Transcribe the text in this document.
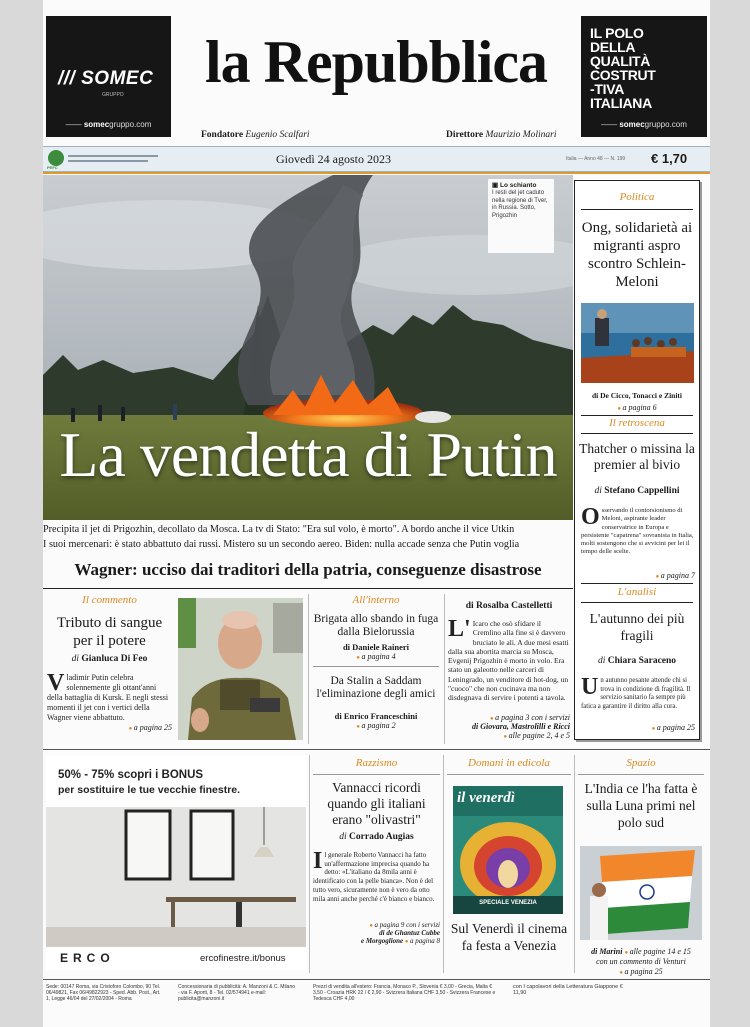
/// SOMEC
GRUPPO
—— somecgruppo.com
la Repubblica	IL POLO
DELLA
QUALITÀ
COSTRUT
-TIVA
ITALIANA
—— somecgruppo.com
Fondatore Eugenio Scalfari	Direttore Maurizio Molinari
PEFC
Giovedì 24 agosto 2023	Italia — Anno 48 — N. 199 € 1,70
▣ Lo schianto
I resti del jet caduto nella regione di Tver, in Russia. Sotto, Prigozhin
La vendetta di Putin
Precipita il jet di Prigozhin, decollato da Mosca. La tv di Stato: "Era sul volo, è morto". A bordo anche il vice Utkin
I suoi mercenari: è stato abbattuto dai russi. Mistero su un secondo aereo. Biden: nulla accade senza che Putin voglia
Wagner: ucciso dai traditori della patria, conseguenze disastrose
Il commento
Tributo di sangue per il potere
di Gianluca Di Feo
Vladimir Putin celebra solennemente gli ottant'anni della battaglia di Kursk. E negli stessi momenti il jet con i vertici della Wagner viene abbattuto.
● a pagina 25
All'interno
Brigata allo sbando in fuga dalla Bielorussia
di Daniele Raineri
● a pagina 4
Da Stalin a Saddam l'eliminazione degli amici
di Enrico Franceschini
● a pagina 2
di Rosalba Castelletti
L' Icaro che osò sfidare il Cremlino alla fine si è davvero bruciato le ali. A due mesi esatti dalla sua abortita marcia su Mosca, Evgenij Prigozhin è morto in volo. Era stato un galeotto nelle carceri di Leningrado, un venditore di hot-dog, un "cuoco" che non cucinava ma non disdegnava di servire i potenti a tavola.
● a pagina 3 con i servizi
di Giovara, Mastrolilli e Ricci
● alle pagine 2, 4 e 5
Politica
Ong, solidarietà ai migranti aspro scontro Schlein-Meloni
di De Cicco, Tonacci e Ziniti
● a pagina 6
Il retroscena
Thatcher o missina la premier al bivio
di Stefano Cappellini
Osservando il contorsionismo di Meloni, aspirante leader conservatrice in Europa e persistente "capatrena" sovranista in Italia, molti sostengono che si avvicini per lei il tempo delle scelte.
● a pagina 7
L'analisi
L'autunno dei più fragili
di Chiara Saraceno
Un autunno pesante attende chi si trova in condizione di fragilità. Il servizio sanitario fa sempre più fatica a garantire il diritto alla cura.
● a pagina 25
50% - 75% scopri i BONUS
per sostituire le tue vecchie finestre.
ERCO	ercofinestre.it/bonus
Razzismo
Vannacci ricordi quando gli italiani erano "olivastri"
di Corrado Augias
Il generale Roberto Vannacci ha fatto un'affermazione imprecisa quando ha detto: «L'italiano da 8mila anni è identificato con la pelle bianca». Non è del tutto vero, sicuramente non è vero da otto mila anni anche perché c'è bianco e bianco.
● a pagina 9 con i servizi
di de Ghantuz Cubbe
e Morgoglione ● a pagina 8
Domani in edicola
il venerdì
SPECIALE VENEZIA
Sul Venerdì il cinema fa festa a Venezia
Spazio
L'India ce l'ha fatta è sulla Luna primi nel polo sud
di Marini ● alle pagine 14 e 15
con un commento di Venturi
● a pagina 25
Sede: 00147 Roma, via Cristoforo Colombo, 90 Tel. 06/49821, Fax 06/49822923 - Sped. Abb. Post., Art. 1, Legge 46/04 del 27/02/2004 - Roma
Concessionaria di pubblicità: A. Manzoni & C. Milano - via F. Aporti, 8 - Tel. 02/574941 e-mail: publicita@manzoni.it
Prezzi di vendita all'estero: Francia, Monaco P., Slovenia € 3,00 - Grecia, Malta € 3,50 - Croazia HRK 22 / € 2,90 - Svizzera Italiana CHF 3,50 - Svizzera Francese e Tedesca CHF 4,00
con I capolavori della Letteratura Giappone € 11,90
